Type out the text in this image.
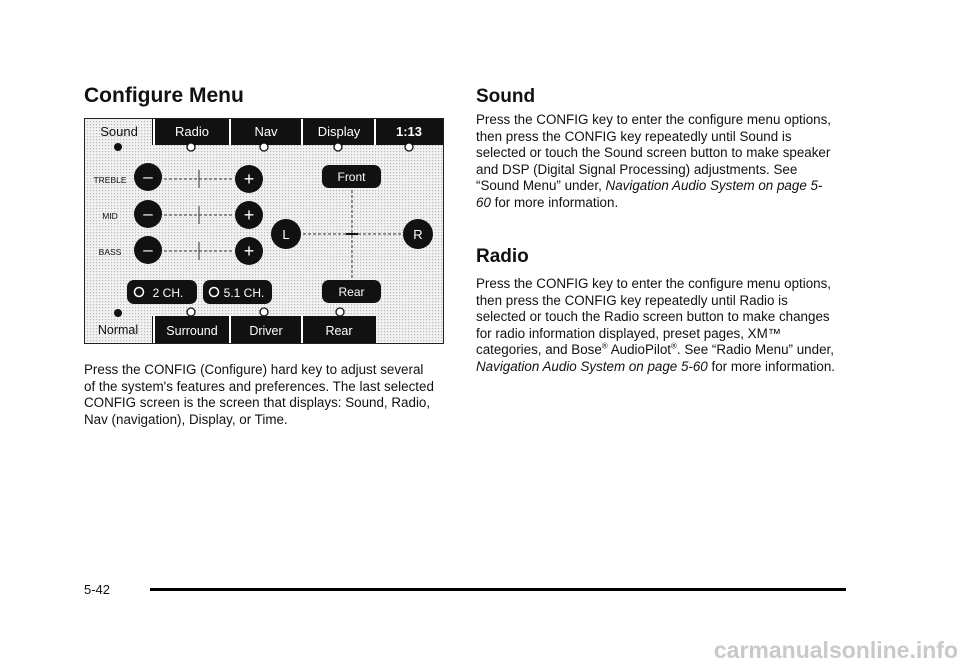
Configure Menu
Sound	Radio	Nav	Display	1:13
TREBLE
MID
BASS
–	+
–	+
–	+
Front
Rear
L	R
2 CH.	5.1 CH.
Normal Surround	Driver	Rear

Press the CONFIG (Configure) hard key to adjust several of the system's features and preferences. The last selected CONFIG screen is the screen that displays: Sound, Radio, Nav (navigation), Display, or Time.

Sound

Press the CONFIG key to enter the configure menu options, then press the CONFIG key repeatedly until Sound is selected or touch the Sound screen button to make speaker and DSP (Digital Signal Processing) adjustments. See “Sound Menu” under, Navigation Audio System on page 5-60 for more information.

Radio

Press the CONFIG key to enter the configure menu options, then press the CONFIG key repeatedly until Radio is selected or touch the Radio screen button to make changes for radio information displayed, preset pages, XM™ categories, and Bose® AudioPilot®. See “Radio Menu” under, Navigation Audio System on page 5-60 for more information.

5-42
carmanualsonline.info
